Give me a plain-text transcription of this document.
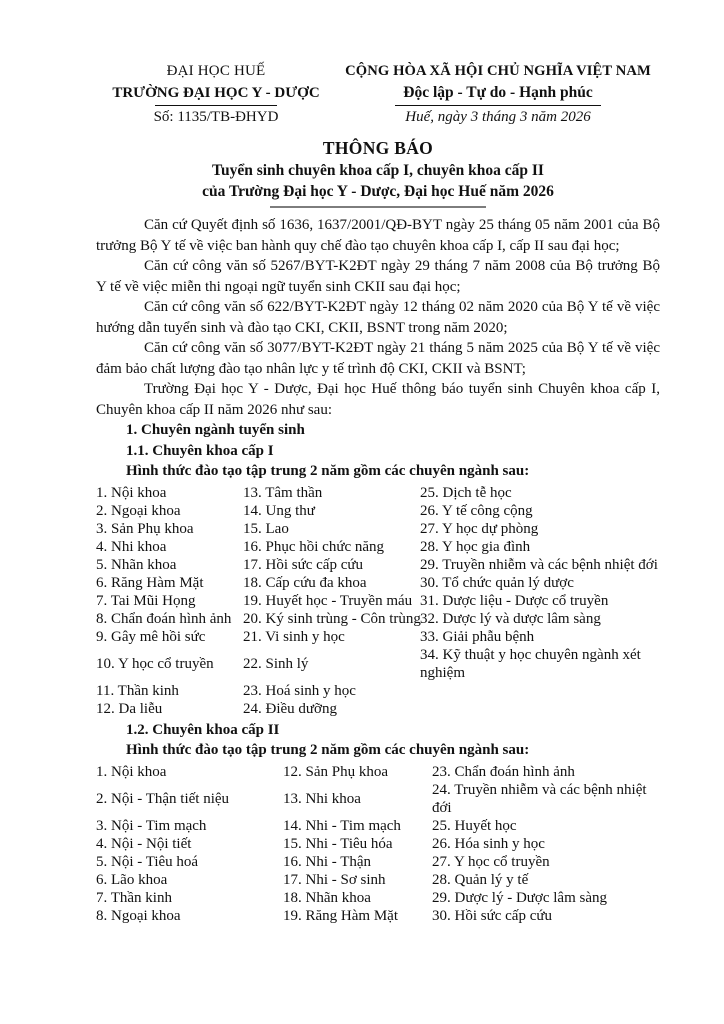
ĐẠI HỌC HUẾ
TRƯỜNG ĐẠI HỌC Y - DƯỢC
Số: 1135/TB-ĐHYD
CỘNG HÒA XÃ HỘI CHỦ NGHĨA VIỆT NAM
Độc lập - Tự do - Hạnh phúc
Huế, ngày 3 tháng 3 năm 2026
THÔNG BÁO
Tuyển sinh chuyên khoa cấp I, chuyên khoa cấp II
của Trường Đại học Y - Dược, Đại học Huế năm 2026

Căn cứ Quyết định số 1636, 1637/2001/QĐ-BYT ngày 25 tháng 05 năm 2001 của Bộ trưởng Bộ Y tế về việc ban hành quy chế đào tạo chuyên khoa cấp I, cấp II sau đại học;

Căn cứ công văn số 5267/BYT-K2ĐT ngày 29 tháng 7 năm 2008 của Bộ trưởng Bộ Y tế về việc miễn thi ngoại ngữ tuyển sinh CKII sau đại học;

Căn cứ công văn số 622/BYT-K2ĐT ngày 12 tháng 02 năm 2020 của Bộ Y tế về việc hướng dẫn tuyển sinh và đào tạo CKI, CKII, BSNT trong năm 2020;

Căn cứ công văn số 3077/BYT-K2ĐT ngày 21 tháng 5 năm 2025 của Bộ Y tế về việc đảm bảo chất lượng đào tạo nhân lực y tế trình độ CKI, CKII và BSNT;

Trường Đại học Y - Dược, Đại học Huế thông báo tuyển sinh Chuyên khoa cấp I, Chuyên khoa cấp II năm 2026 như sau:

1. Chuyên ngành tuyển sinh
1.1. Chuyên khoa cấp I
Hình thức đào tạo tập trung 2 năm gồm các chuyên ngành sau:
1. Nội khoa	13. Tâm thần	25. Dịch tễ học
2. Ngoại khoa	14. Ung thư	26. Y tế công cộng
3. Sản Phụ khoa	15. Lao	27. Y học dự phòng
4. Nhi khoa	16. Phục hồi chức năng	28. Y học gia đình
5. Nhãn khoa	17. Hồi sức cấp cứu	29. Truyền nhiễm và các bệnh nhiệt đới
6. Răng Hàm Mặt	18. Cấp cứu đa khoa	30. Tổ chức quản lý dược
7. Tai Mũi Họng	19. Huyết học - Truyền máu 31. Dược liệu - Dược cổ truyền
8. Chẩn đoán hình ảnh 20. Ký sinh trùng - Côn trùng 32. Dược lý và dược lâm sàng
9. Gây mê hồi sức	21. Vi sinh y học	33. Giải phẫu bệnh
10. Y học cổ truyền	22. Sinh lý
34. Kỹ thuật y học chuyên ngành xét nghiệm
11. Thần kinh	23. Hoá sinh y học
12. Da liễu	24. Điều dưỡng
1.2. Chuyên khoa cấp II
Hình thức đào tạo tập trung 2 năm gồm các chuyên ngành sau:
1. Nội khoa	12. Sản Phụ khoa	23. Chẩn đoán hình ảnh
2. Nội - Thận tiết niệu	13. Nhi khoa
24. Truyền nhiễm và các bệnh nhiệt đới
3. Nội - Tim mạch	14. Nhi - Tim mạch	25. Huyết học
4. Nội - Nội tiết	15. Nhi - Tiêu hóa	26. Hóa sinh y học
5. Nội - Tiêu hoá	16. Nhi - Thận	27. Y học cổ truyền
6. Lão khoa	17. Nhi - Sơ sinh	28. Quản lý y tế
7. Thần kinh	18. Nhãn khoa	29. Dược lý - Dược lâm sàng
8. Ngoại khoa	19. Răng Hàm Mặt	30. Hồi sức cấp cứu
